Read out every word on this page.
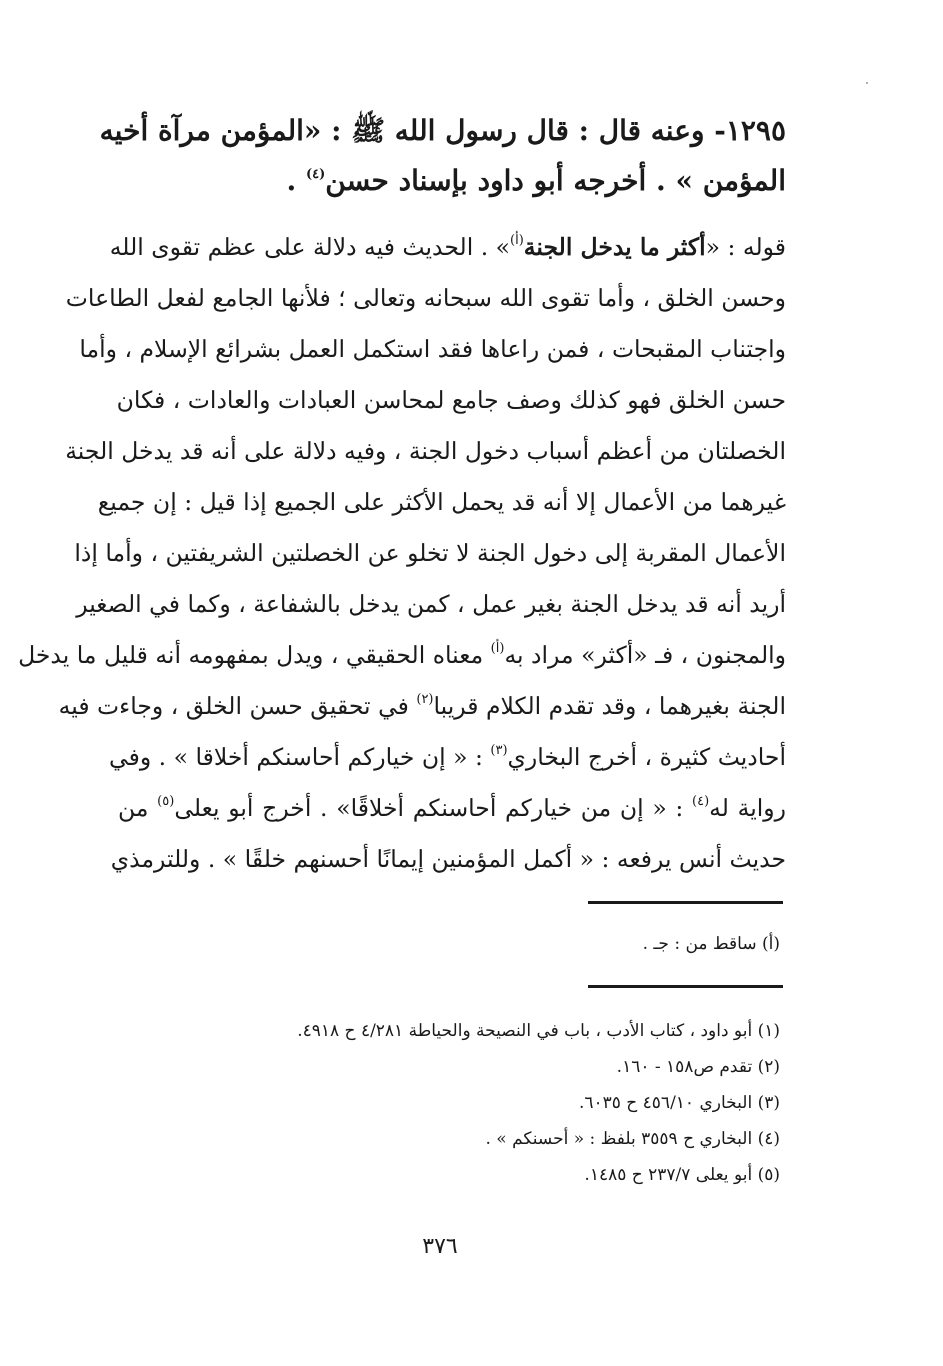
١٢٩٥- وعنه قال : قال رسول الله ﷺ : «المؤمن مرآة أخيه
المؤمن » . أخرجه أبو داود بإسناد حسن$^{(٤)}$ .
قوله : «أكثر ما يدخل الجنة$^{(أ)}$» . الحديث فيه دلالة على عظم تقوى الله
وحسن الخلق ، وأما تقوى الله سبحانه وتعالى ؛ فلأنها الجامع لفعل الطاعات
واجتناب المقبحات ، فمن راعاها فقد استكمل العمل بشرائع الإسلام ، وأما
حسن الخلق فهو كذلك وصف جامع لمحاسن العبادات والعادات ، فكان
الخصلتان من أعظم أسباب دخول الجنة ، وفيه دلالة على أنه قد يدخل الجنة
غيرهما من الأعمال إلا أنه قد يحمل الأكثر على الجميع إذا قيل : إن جميع
الأعمال المقربة إلى دخول الجنة لا تخلو عن الخصلتين الشريفتين ، وأما إذا
أريد أنه قد يدخل الجنة بغير عمل ، كمن يدخل بالشفاعة ، وكما في الصغير
والمجنون ، فـ «أكثر» مراد به$^{(أ)}$ معناه الحقيقي ، ويدل بمفهومه أنه قليل ما يدخل
الجنة بغيرهما ، وقد تقدم الكلام قريبا$^{(٢)}$ في تحقيق حسن الخلق ، وجاءت فيه
أحاديث كثيرة ، أخرج البخاري$^{(٣)}$ : « إن خياركم أحاسنكم أخلاقا » . وفي
رواية له$^{(٤)}$ : « إن من خياركم أحاسنكم أخلاقًا» . أخرج أبو يعلى$^{(٥)}$ من
حديث أنس يرفعه : « أكمل المؤمنين إيمانًا أحسنهم خلقًا » . وللترمذي
(أ) ساقط من : جـ .
(١) أبو داود ، كتاب الأدب ، باب في النصيحة والحياطة ٤/٢٨١ ح ٤٩١٨.
(٢) تقدم ص١٥٨ - ١٦٠.
(٣) البخاري ٤٥٦/١٠ ح ٦٠٣٥.
(٤) البخاري ح ٣٥٥٩ بلفظ : « أحسنكم » .
(٥) أبو يعلى ٢٣٧/٧ ح ١٤٨٥.
٣٧٦
